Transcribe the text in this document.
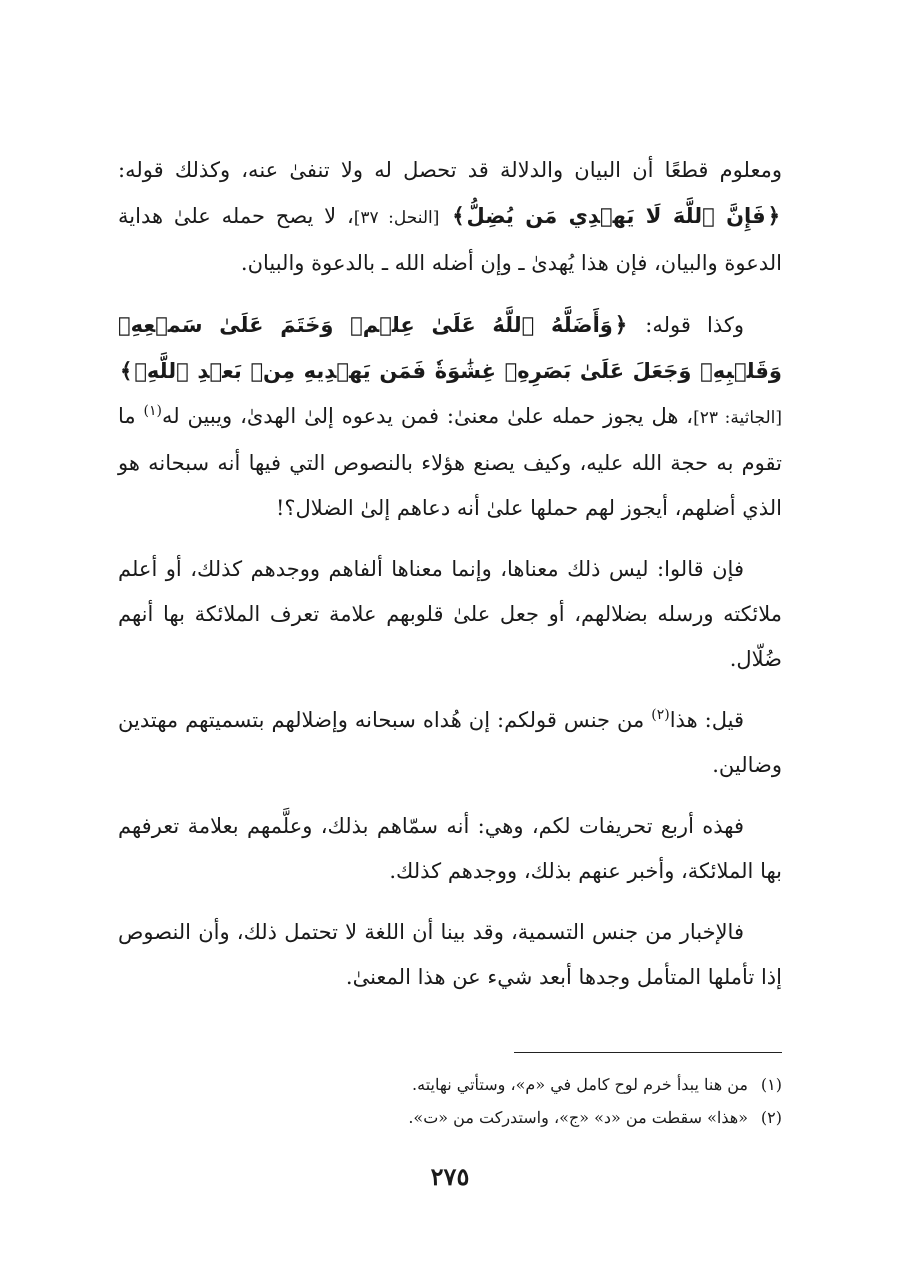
ومعلوم قطعًا أن البيان والدلالة قد تحصل له ولا تنفىٰ عنه، وكذلك قوله: ﴿فَإِنَّ ٱللَّهَ لَا يَهۡدِي مَن يُضِلُّ﴾ [النحل: ٣٧]، لا يصح حمله علىٰ هداية الدعوة والبيان، فإن هذا يُهدىٰ ـ وإن أضله الله ـ بالدعوة والبيان.

وكذا قوله: ﴿وَأَضَلَّهُ ٱللَّهُ عَلَىٰ عِلۡمٖ وَخَتَمَ عَلَىٰ سَمۡعِهِۦ وَقَلۡبِهِۦ وَجَعَلَ عَلَىٰ بَصَرِهِۦ غِشَٰوَةٗ فَمَن يَهۡدِيهِ مِنۢ بَعۡدِ ٱللَّهِۚ﴾ [الجاثية: ٢٣]، هل يجوز حمله علىٰ معنىٰ: فمن يدعوه إلىٰ الهدىٰ، ويبين له$^{(١)}$ ما تقوم به حجة الله عليه، وكيف يصنع هؤلاء بالنصوص التي فيها أنه سبحانه هو الذي أضلهم، أيجوز لهم حملها علىٰ أنه دعاهم إلىٰ الضلال؟!

فإن قالوا: ليس ذلك معناها، وإنما معناها ألفاهم ووجدهم كذلك، أو أعلم ملائكته ورسله بضلالهم، أو جعل علىٰ قلوبهم علامة تعرف الملائكة بها أنهم ضُلّال.

قيل: هذا$^{(٢)}$ من جنس قولكم: إن هُداه سبحانه وإضلالهم بتسميتهم مهتدين وضالين.

فهذه أربع تحريفات لكم، وهي: أنه سمّاهم بذلك، وعلَّمهم بعلامة تعرفهم بها الملائكة، وأخبر عنهم بذلك، ووجدهم كذلك.

فالإخبار من جنس التسمية، وقد بينا أن اللغة لا تحتمل ذلك، وأن النصوص إذا تأملها المتأمل وجدها أبعد شيء عن هذا المعنىٰ.

(١)من هنا يبدأ خرم لوح كامل في «م»، وستأتي نهايته.

(٢)«هذا» سقطت من «د» «ج»، واستدركت من «ت».

٢٧٥
